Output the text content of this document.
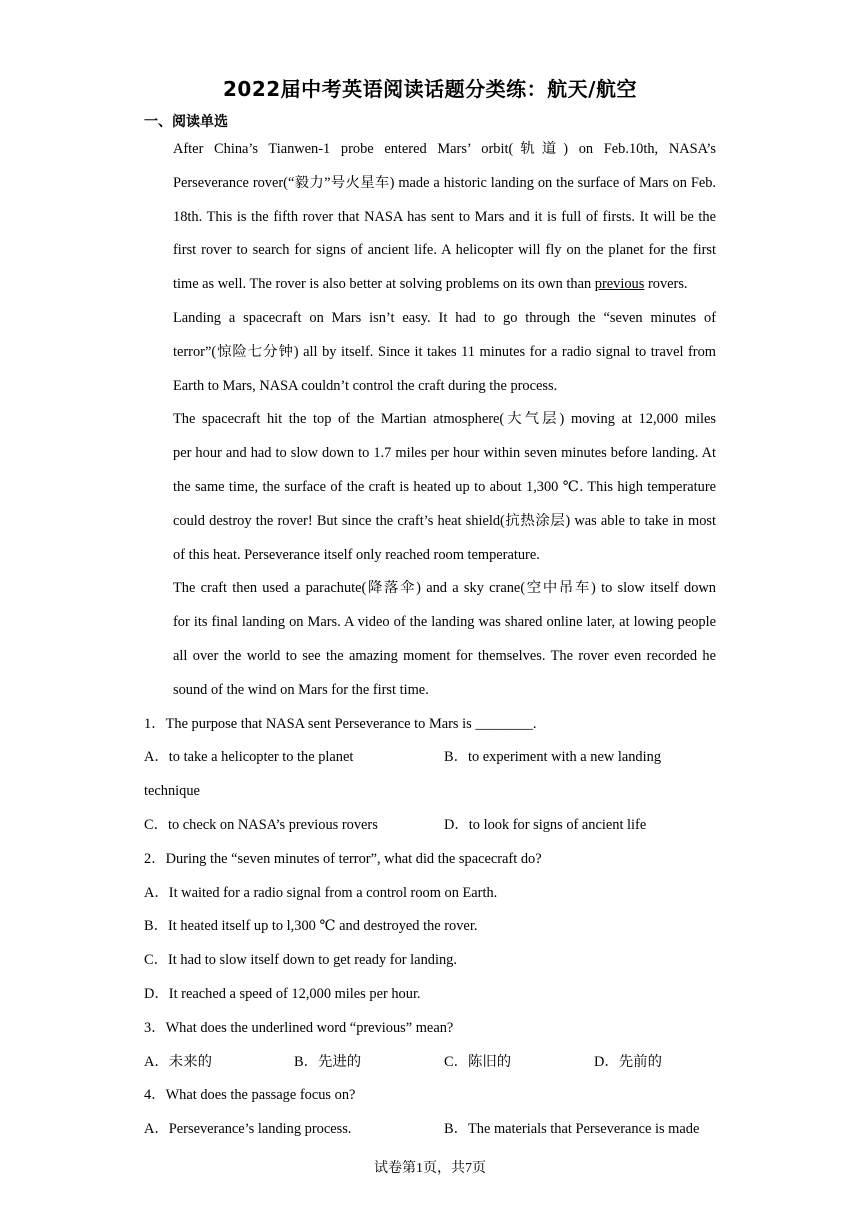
2022届中考英语阅读话题分类练：航天/航空
一、阅读单选

After China’s Tianwen-1 probe entered Mars’ orbit(轨道) on Feb.10th, NASA’s
Perseverance rover(“毅力”号火星车) made a historic landing on the surface of Mars on Feb.
18th. This is the fifth rover that NASA has sent to Mars and it is full of firsts. It will be the
first rover to search for signs of ancient life. A helicopter will fly on the planet for the first
time as well. The rover is also better at solving problems on its own than previous rovers.

Landing a spacecraft on Mars isn’t easy. It had to go through the “seven minutes of
terror”(惊险七分钟) all by itself. Since it takes 11 minutes for a radio signal to travel from
Earth to Mars, NASA couldn’t control the craft during the process.

The spacecraft hit the top of the Martian atmosphere(大气层) moving at 12,000 miles
per hour and had to slow down to 1.7 miles per hour within seven minutes before landing. At
the same time, the surface of the craft is heated up to about 1,300 ℃. This high temperature
could destroy the rover! But since the craft’s heat shield(抗热涂层) was able to take in most
of this heat. Perseverance itself only reached room temperature.

The craft then used a parachute(降落伞) and a sky crane(空中吊车) to slow itself down
for its final landing on Mars. A video of the landing was shared online later, at lowing people
all over the world to see the amazing moment for themselves. The rover even recorded he
sound of the wind on Mars for the first time.

1．The purpose that NASA sent Perseverance to Mars is ________.

A．to take a helicopter to the planet	B．to experiment with a new landing

technique

C．to check on NASA’s previous rovers	D．to look for signs of ancient life

2．During the “seven minutes of terror”, what did the spacecraft do?

A．It waited for a radio signal from a control room on Earth.

B．It heated itself up to l,300 ℃ and destroyed the rover.

C．It had to slow itself down to get ready for landing.

D．It reached a speed of 12,000 miles per hour.

3．What does the underlined word “previous” mean?

A．未来的	B．先进的	C．陈旧的	D．先前的

4．What does the passage focus on?

A．Perseverance’s landing process.	B．The materials that Perseverance is made
试卷第1页，共7页
